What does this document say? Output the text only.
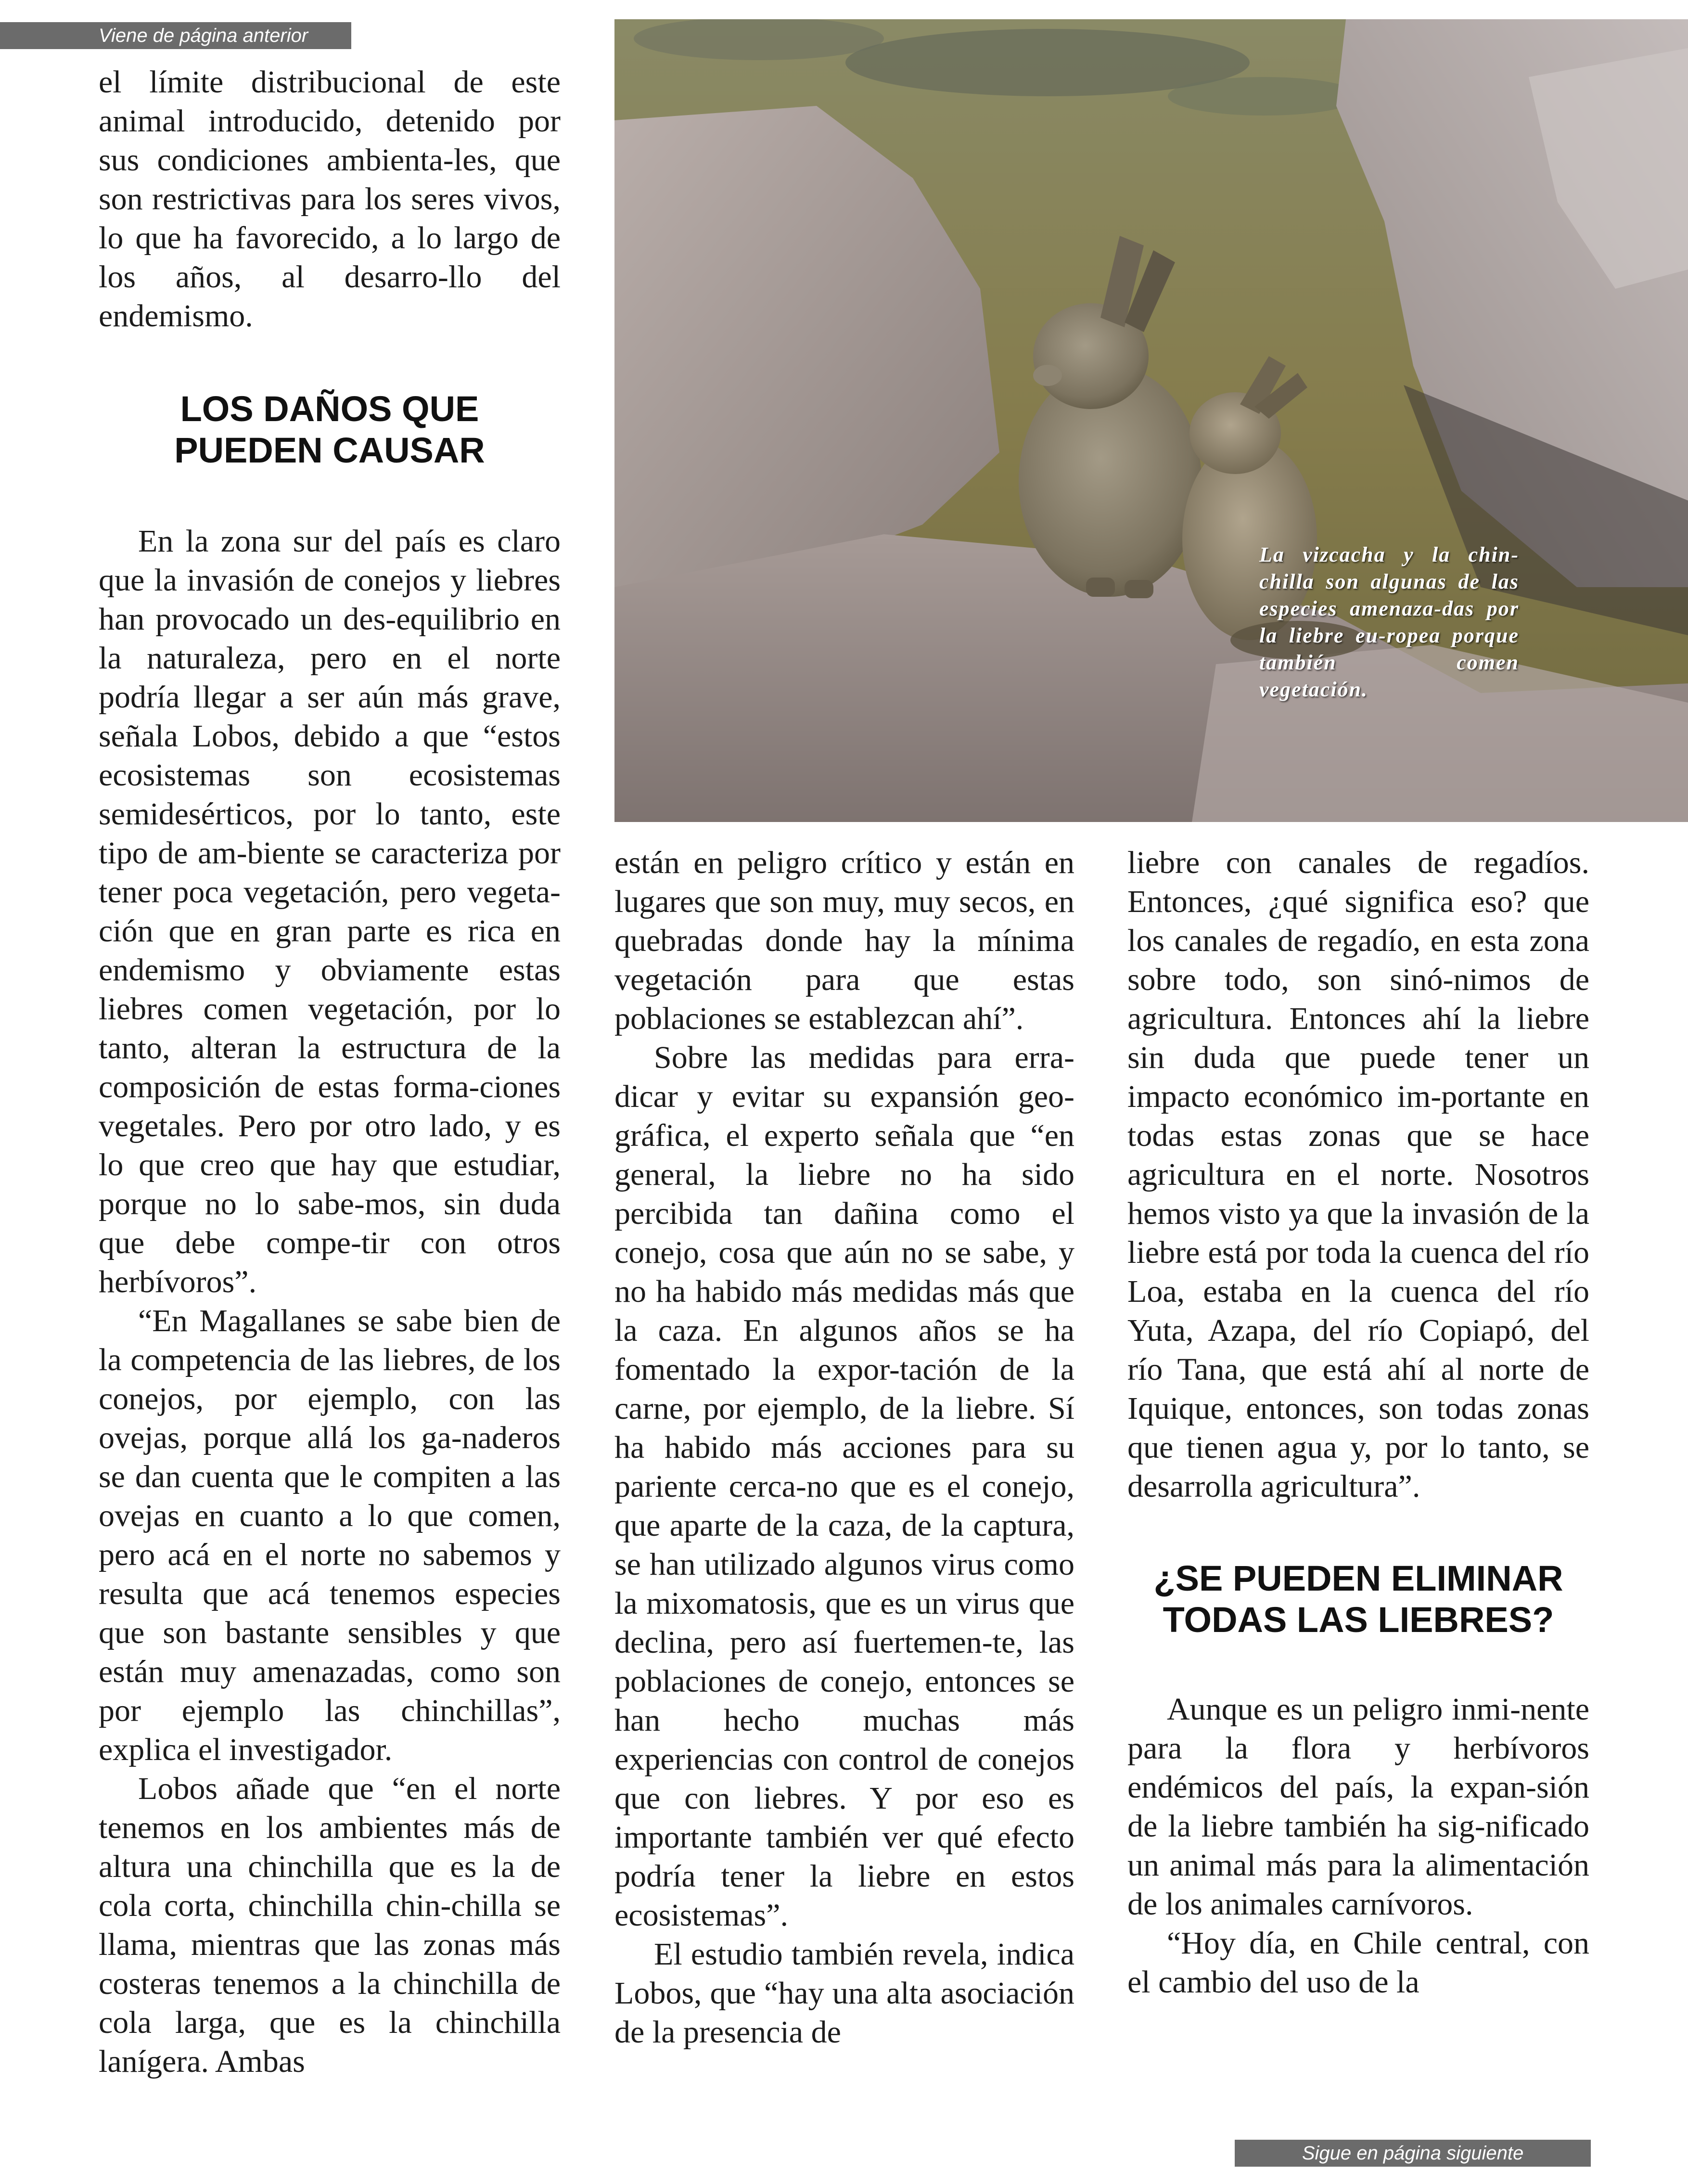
Viene de página anterior

el límite distribucional de este animal introducido, detenido por sus condiciones ambienta-les, que son restrictivas para los seres vivos, lo que ha favorecido, a lo largo de los años, al desarro-llo del endemismo.

LOS DAÑOS QUE
PUEDEN CAUSAR

En la zona sur del país es claro que la invasión de conejos y liebres han provocado un des-equilibrio en la naturaleza, pero en el norte podría llegar a ser aún más grave, señala Lobos, debido a que “estos ecosistemas son ecosistemas semidesérticos, por lo tanto, este tipo de am-biente se caracteriza por tener poca vegetación, pero vegeta-ción que en gran parte es rica en endemismo y obviamente estas liebres comen vegetación, por lo tanto, alteran la estructura de la composición de estas forma-ciones vegetales. Pero por otro lado, y es lo que creo que hay que estudiar, porque no lo sabe-mos, sin duda que debe compe-tir con otros herbívoros”.

“En Magallanes se sabe bien de la competencia de las liebres, de los conejos, por ejemplo, con las ovejas, porque allá los ga-naderos se dan cuenta que le compiten a las ovejas en cuanto a lo que comen, pero acá en el norte no sabemos y resulta que acá tenemos especies que son bastante sensibles y que están muy amenazadas, como son por ejemplo las chinchillas”, explica el investigador.

Lobos añade que “en el norte tenemos en los ambientes más de altura una chinchilla que es la de cola corta, chinchilla chin-chilla se llama, mientras que las zonas más costeras tenemos a la chinchilla de cola larga, que es la chinchilla lanígera. Ambas

La vizcacha y la chin-chilla son algunas de las especies amenaza-das por la liebre eu-ropea porque también comen vegetación.

están en peligro crítico y están en lugares que son muy, muy secos, en quebradas donde hay la mínima vegetación para que estas poblaciones se establezcan ahí”.

Sobre las medidas para erra-dicar y evitar su expansión geo-gráfica, el experto señala que “en general, la liebre no ha sido percibida tan dañina como el conejo, cosa que aún no se sabe, y no ha habido más medidas más que la caza. En algunos años se ha fomentado la expor-tación de la carne, por ejemplo, de la liebre. Sí ha habido más acciones para su pariente cerca-no que es el conejo, que aparte de la caza, de la captura, se han utilizado algunos virus como la mixomatosis, que es un virus que declina, pero así fuertemen-te, las poblaciones de conejo, entonces se han hecho muchas más experiencias con control de conejos que con liebres. Y por eso es importante también ver qué efecto podría tener la liebre en estos ecosistemas”.

El estudio también revela, indica Lobos, que “hay una alta asociación de la presencia de

liebre con canales de regadíos. Entonces, ¿qué significa eso? que los canales de regadío, en esta zona sobre todo, son sinó-nimos de agricultura. Entonces ahí la liebre sin duda que puede tener un impacto económico im-portante en todas estas zonas que se hace agricultura en el norte. Nosotros hemos visto ya que la invasión de la liebre está por toda la cuenca del río Loa, estaba en la cuenca del río Yuta, Azapa, del río Copiapó, del río Tana, que está ahí al norte de Iquique, entonces, son todas zonas que tienen agua y, por lo tanto, se desarrolla agricultura”.

¿SE PUEDEN ELIMINAR
TODAS LAS LIEBRES?

Aunque es un peligro inmi-nente para la flora y herbívoros endémicos del país, la expan-sión de la liebre también ha sig-nificado un animal más para la alimentación de los animales carnívoros.

“Hoy día, en Chile central, con el cambio del uso de la

Sigue en página siguiente
